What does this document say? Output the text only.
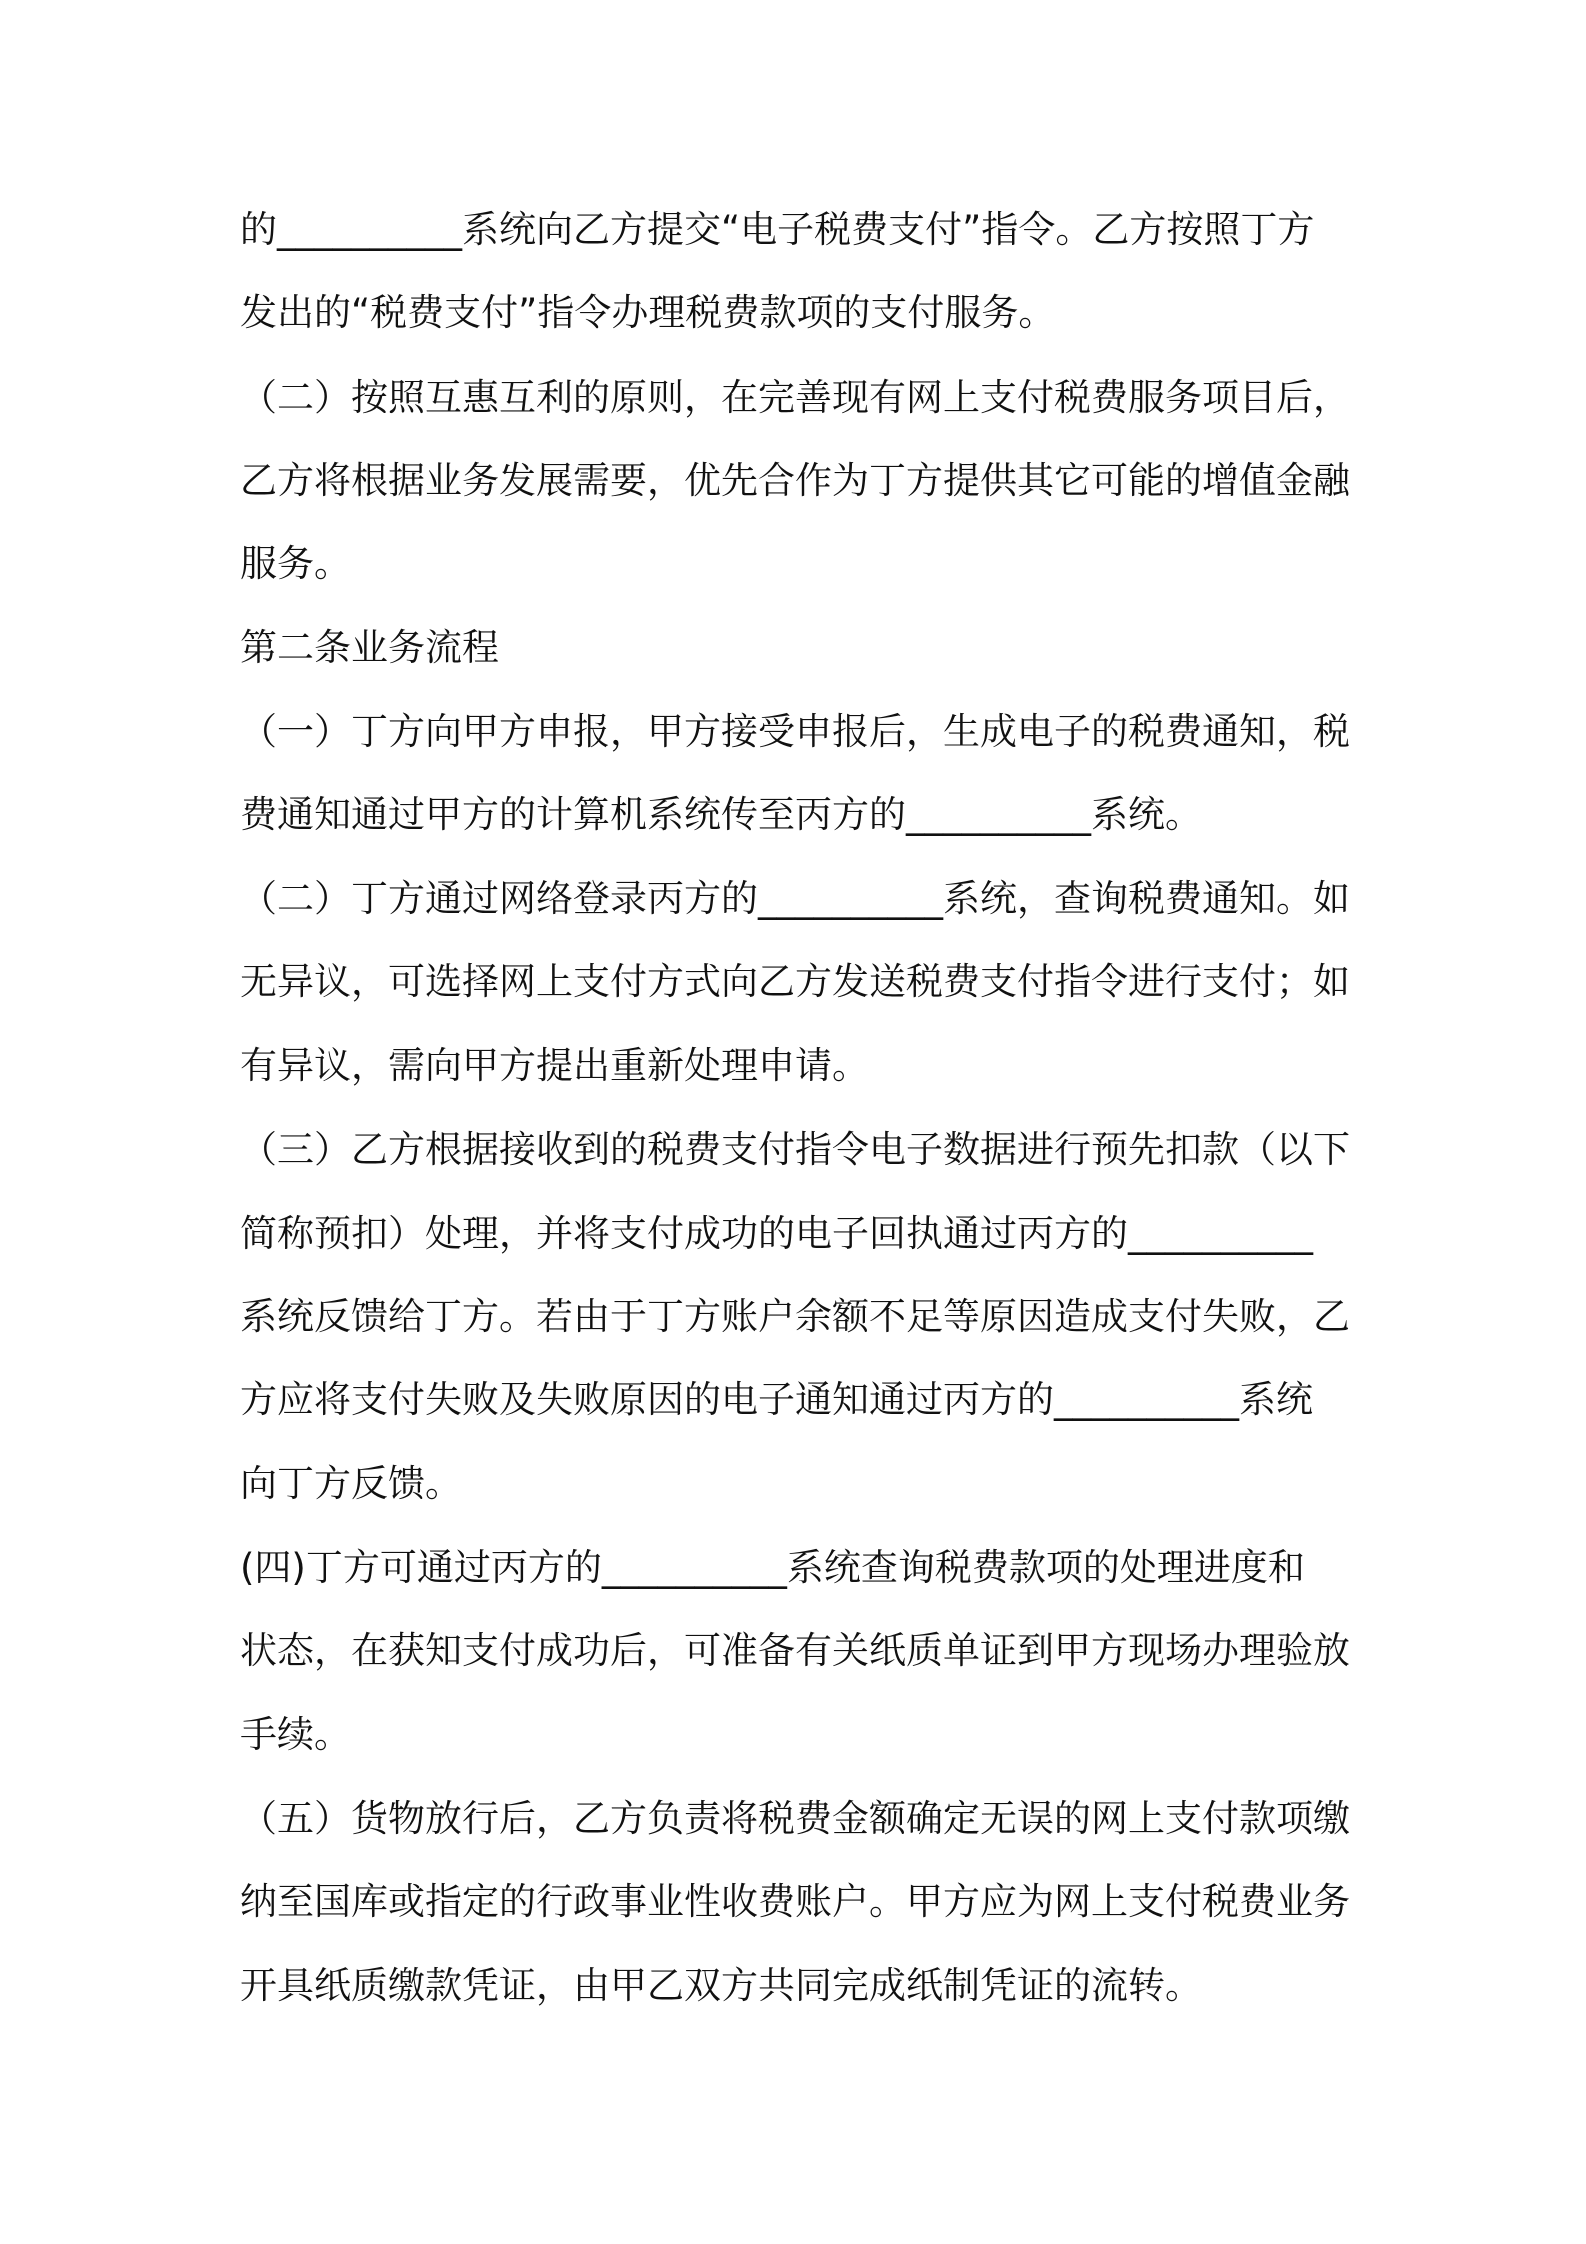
的__________系统向乙方提交“电子税费支付”指令。乙方按照丁方
发出的“税费支付”指令办理税费款项的支付服务。
（二）按照互惠互利的原则，在完善现有网上支付税费服务项目后，
乙方将根据业务发展需要，优先合作为丁方提供其它可能的增值金融
服务。
第二条业务流程
（一）丁方向甲方申报，甲方接受申报后，生成电子的税费通知，税
费通知通过甲方的计算机系统传至丙方的__________系统。
（二）丁方通过网络登录丙方的__________系统，查询税费通知。如
无异议，可选择网上支付方式向乙方发送税费支付指令进行支付；如
有异议，需向甲方提出重新处理申请。
（三）乙方根据接收到的税费支付指令电子数据进行预先扣款（以下
简称预扣）处理，并将支付成功的电子回执通过丙方的__________
系统反馈给丁方。若由于丁方账户余额不足等原因造成支付失败，乙
方应将支付失败及失败原因的电子通知通过丙方的__________系统
向丁方反馈。
(四)丁方可通过丙方的__________系统查询税费款项的处理进度和
状态，在获知支付成功后，可准备有关纸质单证到甲方现场办理验放
手续。
（五）货物放行后，乙方负责将税费金额确定无误的网上支付款项缴
纳至国库或指定的行政事业性收费账户。甲方应为网上支付税费业务
开具纸质缴款凭证，由甲乙双方共同完成纸制凭证的流转。
